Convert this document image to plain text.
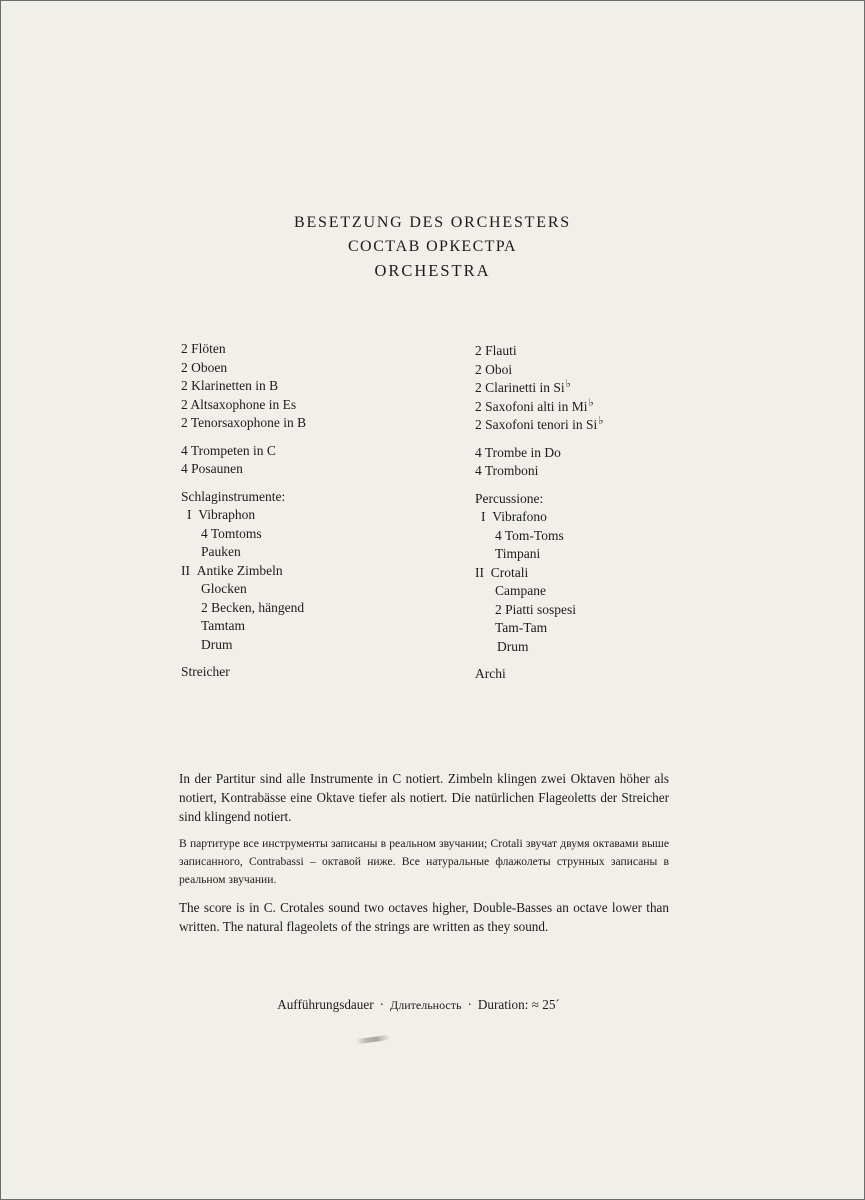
BESETZUNG DES ORCHESTERS
СОСТАВ ОРКЕСТРА
ORCHESTRA
2 Flöten
2 Oboen
2 Klarinetten in B
2 Altsaxophone in Es
2 Tenorsaxophone in B
4 Trompeten in C
4 Posaunen
Schlaginstrumente:
I Vibraphon
4 Tomtoms
Pauken
II Antike Zimbeln
Glocken
2 Becken, hängend
Tamtam
Drum
Streicher
2 Flauti
2 Oboi
2 Clarinetti in Si♭
2 Saxofoni alti in Mi♭
2 Saxofoni tenori in Si♭
4 Trombe in Do
4 Tromboni
Percussione:
I Vibrafono
4 Tom-Toms
Timpani
II Crotali
Campane
2 Piatti sospesi
Tam-Tam
Drum
Archi

In der Partitur sind alle Instrumente in C notiert. Zimbeln klingen zwei Oktaven höher als notiert, Kontrabässe eine Oktave tiefer als notiert. Die natürlichen Flageoletts der Streicher sind klingend notiert.

В партитуре все инструменты записаны в реальном звучании; Crotali звучат двумя октавами выше записанного, Contrabassi – октавой ниже. Все натуральные флажолеты струнных записаны в реальном звучании.

The score is in C. Crotales sound two octaves higher, Double-Basses an octave lower than written. The natural flageolets of the strings are written as they sound.

Aufführungsdauer · Длительность · Duration: ≈ 25´
